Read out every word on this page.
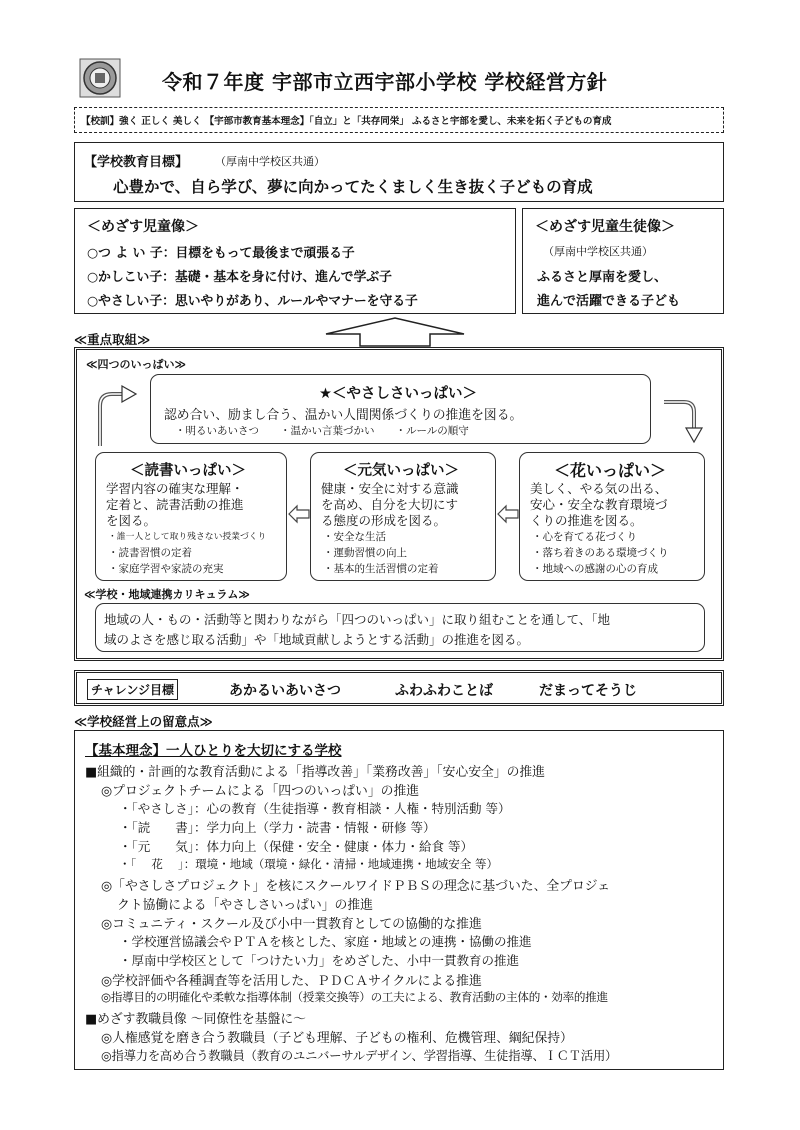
令和７年度 宇部市立西宇部小学校 学校経営方針
【校訓】強く 正しく 美しく 【宇部市教育基本理念】「自立」と「共存同栄」 ふるさと宇部を愛し、未来を拓く子どもの育成
【学校教育目標】 （厚南中学校区共通）
心豊かで、自ら学び、夢に向かってたくましく生き抜く子どもの育成
＜めざす児童像＞
○つ よ い 子：目標をもって最後まで頑張る子
○かしこい子：基礎・基本を身に付け、進んで学ぶ子
○やさしい子：思いやりがあり、ルールやマナーを守る子
＜めざす児童生徒像＞
（厚南中学校区共通）
ふるさと厚南を愛し、
進んで活躍できる子ども
≪重点取組≫
≪四つのいっぱい≫
★＜やさしさいっぱい＞
認め合い、励まし合う、温かい人間関係づくりの推進を図る。
・明るいあいさつ　　・温かい言葉づかい　　・ルールの順守
＜読書いっぱい＞
学習内容の確実な理解・
定着と、読書活動の推進
を図る。
・誰一人として取り残さない授業づくり
・読書習慣の定着
・家庭学習や家読の充実
＜元気いっぱい＞
健康・安全に対する意識
を高め、自分を大切にす
る態度の形成を図る。
・安全な生活
・運動習慣の向上
・基本的生活習慣の定着
＜花いっぱい＞
美しく、やる気の出る、
安心・安全な教育環境づ
くりの推進を図る。
・心を育てる花づくり
・落ち着きのある環境づくり
・地域への感謝の心の育成
≪学校・地域連携カリキュラム≫
地域の人・もの・活動等と関わりながら「四つのいっぱい」に取り組むことを通して、「地
域のよさを感じ取る活動」や「地域貢献しようとする活動」の推進を図る。
チャレンジ目標	あかるいあいさつ	ふわふわことば	だまってそうじ
≪学校経営上の留意点≫
【基本理念】一人ひとりを大切にする学校
■組織的・計画的な教育活動による「指導改善」「業務改善」「安心安全」の推進
◎プロジェクトチームによる「四つのいっぱい」の推進
・「やさしさ」：心の教育（生徒指導・教育相談・人権・特別活動 等）
・「読　　書」：学力向上（学力・読書・情報・研修 等）
・「元　　気」：体力向上（保健・安全・健康・体力・給食 等）
・「　 花　 」：環境・地域（環境・緑化・清掃・地域連携・地域安全 等）
◎「やさしさプロジェクト」を核にスクールワイドＰＢＳの理念に基づいた、全プロジェ
クト協働による「やさしさいっぱい」の推進
◎コミュニティ・スクール及び小中一貫教育としての協働的な推進
・学校運営協議会やＰＴＡを核とした、家庭・地域との連携・協働の推進
・厚南中学校区として「つけたい力」をめざした、小中一貫教育の推進
◎学校評価や各種調査等を活用した、ＰＤＣＡサイクルによる推進
◎指導目的の明確化や柔軟な指導体制（授業交換等）の工夫による、教育活動の主体的・効率的推進
■めざす教職員像 〜同僚性を基盤に〜
◎人権感覚を磨き合う教職員（子ども理解、子どもの権利、危機管理、綱紀保持）
◎指導力を高め合う教職員（教育のユニバーサルデザイン、学習指導、生徒指導、ＩＣＴ活用）
